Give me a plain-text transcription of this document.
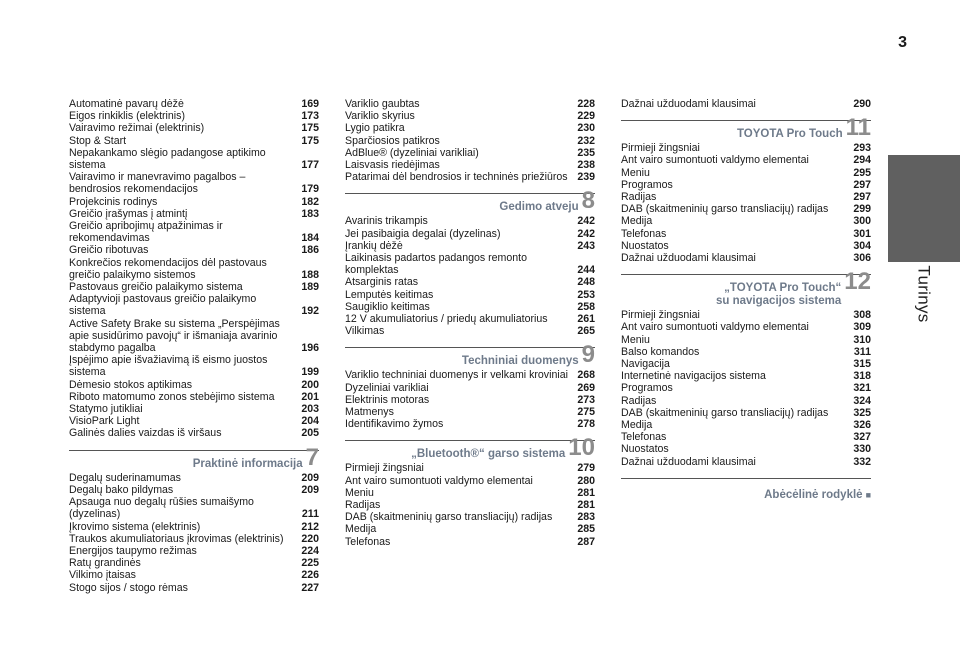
3
Turinys
Automatinė pavarų dėžė	169
Eigos rinkiklis (elektrinis)	173
Vairavimo režimai (elektrinis)	175
Stop & Start	175
Nepakankamo slėgio padangose aptikimo sistema	177
Vairavimo ir manevravimo pagalbos –
bendrosios rekomendacijos	179
Projekcinis rodinys	182
Greičio įrašymas į atmintį	183
Greičio apribojimų atpažinimas ir rekomendavimas	184
Greičio ribotuvas	186
Konkrečios rekomendacijos dėl pastovaus greičio palaikymo sistemos	188
Pastovaus greičio palaikymo sistema	189
Adaptyvioji pastovaus greičio palaikymo sistema	192
Active Safety Brake su sistema „Perspėjimas apie susidūrimo pavojų“ ir išmaniaja avarinio stabdymo pagalba	196
Įspėjimo apie išvažiavimą iš eismo juostos sistema	199
Dėmesio stokos aptikimas	200
Riboto matomumo zonos stebėjimo sistema	201
Statymo jutikliai	203
VisioPark Light	204
Galinės dalies vaizdas iš viršaus	205
Praktinė informacija 7
Degalų suderinamumas	209
Degalų bako pildymas	209
Apsauga nuo degalų rūšies sumaišymo (dyzelinas)	211
Įkrovimo sistema (elektrinis)	212
Traukos akumuliatoriaus įkrovimas (elektrinis)	220
Energijos taupymo režimas	224
Ratų grandinės	225
Vilkimo įtaisas	226
Stogo sijos / stogo rėmas	227
Variklio gaubtas	228
Variklio skyrius	229
Lygio patikra	230
Sparčiosios patikros	232
AdBlue® (dyzeliniai varikliai)	235
Laisvasis riedėjimas	238
Patarimai dėl bendrosios ir techninės priežiūros 239
Gedimo atveju 8
Avarinis trikampis	242
Jei pasibaigia degalai (dyzelinas)	242
Įrankių dėžė	243
Laikinasis padartos padangos remonto komplektas	244
Atsarginis ratas	248
Lemputės keitimas	253
Saugiklio keitimas	258
12 V akumuliatorius / priedų akumuliatorius	261
Vilkimas	265
Techniniai duomenys 9
Variklio techniniai duomenys ir velkami kroviniai 268
Dyzeliniai varikliai	269
Elektrinis motoras	273
Matmenys	275
Identifikavimo žymos	278
„Bluetooth®“ garso sistema 10
Pirmieji žingsniai	279
Ant vairo sumontuoti valdymo elementai	280
Meniu	281
Radijas	281
DAB (skaitmeninių garso transliacijų) radijas	283
Medija	285
Telefonas	287
Dažnai užduodami klausimai	290
TOYOTA Pro Touch 11
Pirmieji žingsniai	293
Ant vairo sumontuoti valdymo elementai	294
Meniu	295
Programos	297
Radijas	297
DAB (skaitmeninių garso transliacijų) radijas	299
Medija	300
Telefonas	301
Nuostatos	304
Dažnai užduodami klausimai	306
„TOYOTA Pro Touch“
su navigacijos sistema
12
Pirmieji žingsniai	308
Ant vairo sumontuoti valdymo elementai	309
Meniu	310
Balso komandos	311
Navigacija	315
Internetinė navigacijos sistema	318
Programos	321
Radijas	324
DAB (skaitmeninių garso transliacijų) radijas	325
Medija	326
Telefonas	327
Nuostatos	330
Dažnai užduodami klausimai	332
Abėcėlinė rodyklė ■
